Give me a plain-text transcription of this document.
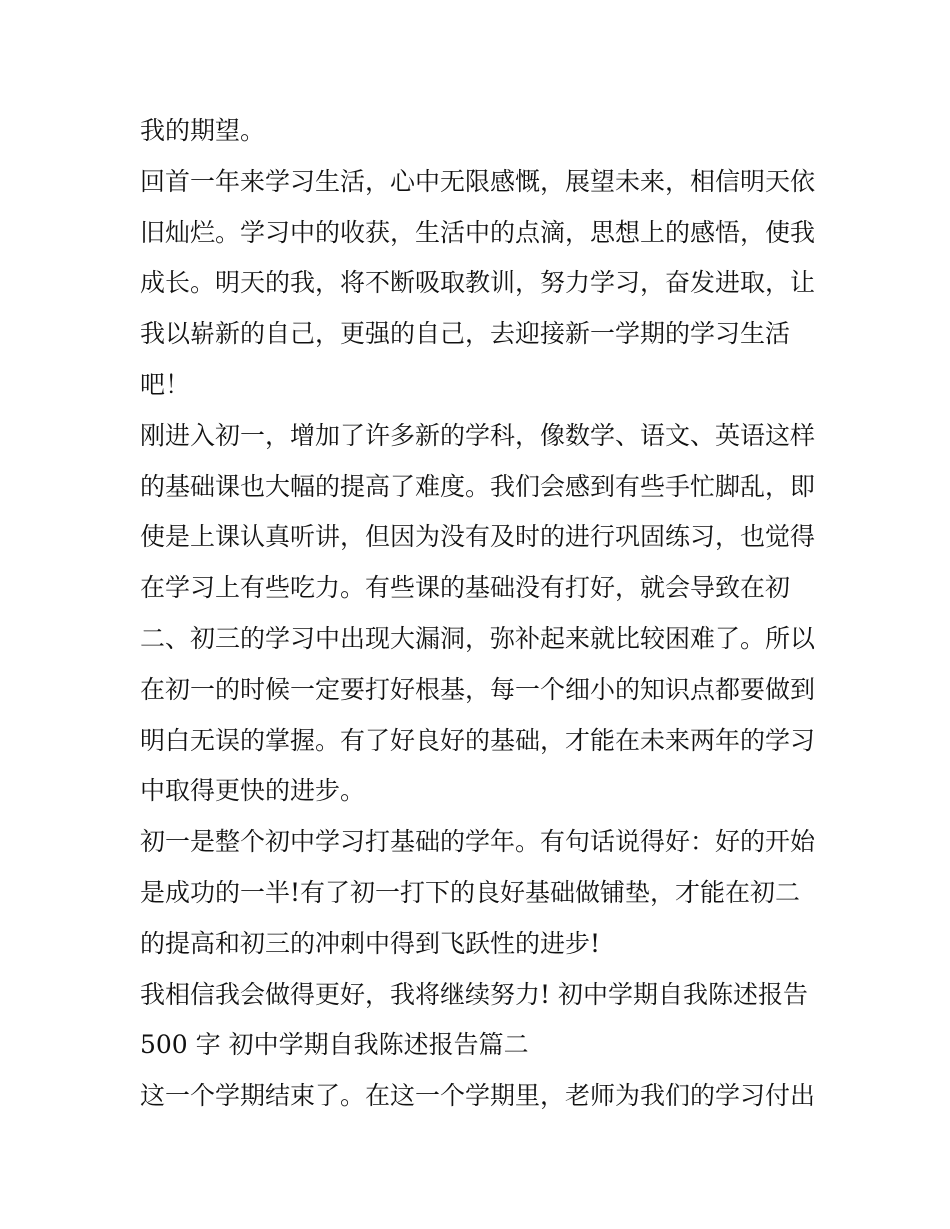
我的期望。
回首一年来学习生活，心中无限感慨，展望未来，相信明天依
旧灿烂。学习中的收获，生活中的点滴，思想上的感悟，使我
成长。明天的我，将不断吸取教训，努力学习，奋发进取，让
我以崭新的自己，更强的自己，去迎接新一学期的学习生活
吧！
刚进入初一，增加了许多新的学科，像数学、语文、英语这样
的基础课也大幅的提高了难度。我们会感到有些手忙脚乱，即
使是上课认真听讲，但因为没有及时的进行巩固练习，也觉得
在学习上有些吃力。有些课的基础没有打好，就会导致在初
二、初三的学习中出现大漏洞，弥补起来就比较困难了。所以
在初一的时候一定要打好根基，每一个细小的知识点都要做到
明白无误的掌握。有了好良好的基础，才能在未来两年的学习
中取得更快的进步。
初一是整个初中学习打基础的学年。有句话说得好：好的开始
是成功的一半!有了初一打下的良好基础做铺垫，才能在初二
的提高和初三的冲刺中得到飞跃性的进步!
我相信我会做得更好，我将继续努力! 初中学期自我陈述报告
500 字 初中学期自我陈述报告篇二
这一个学期结束了。在这一个学期里，老师为我们的学习付出
